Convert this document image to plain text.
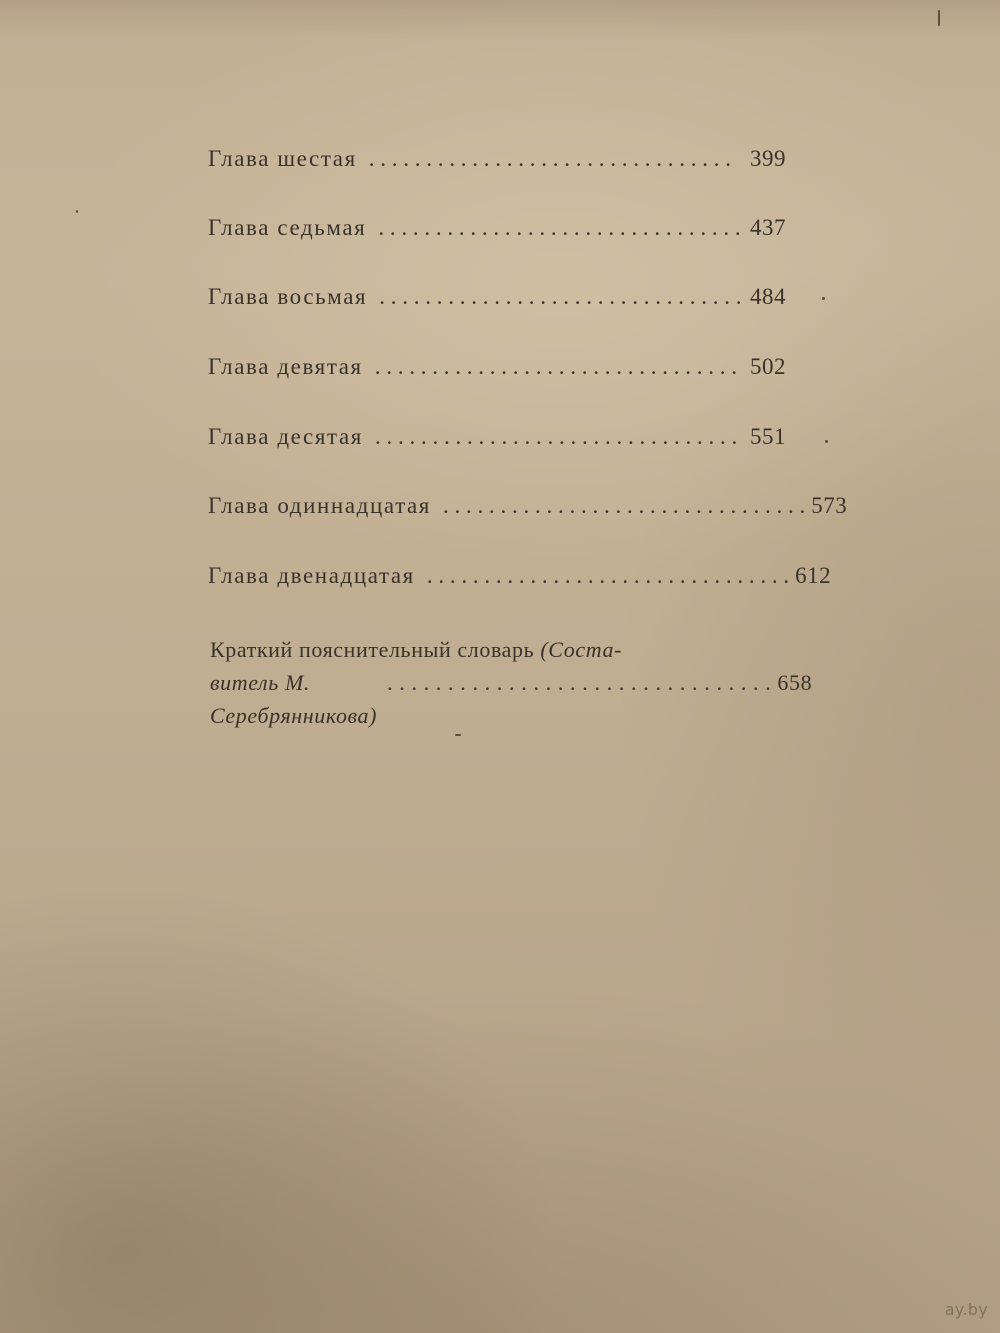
Глава шестая . . . . . . . . . . . . . . . . . . . . . . . . . . . . . . . . 399
Глава седьмая . . . . . . . . . . . . . . . . . . . . . . . . . . . . . . . . 437
Глава восьмая . . . . . . . . . . . . . . . . . . . . . . . . . . . . . . . . 484
Глава девятая . . . . . . . . . . . . . . . . . . . . . . . . . . . . . . . . 502
Глава десятая . . . . . . . . . . . . . . . . . . . . . . . . . . . . . . . . 551
Глава одиннадцатая . . . . . . . . . . . . . . . . . . . . . . . . . . . . . . . . 573
Глава двенадцатая . . . . . . . . . . . . . . . . . . . . . . . . . . . . . . . . 612
Краткий пояснительный словарь (Соста-
витель М. Серебрянникова)
. . . . . . . . . . . . . . . . . . . . . . . . . . . . . . . . 658
ay.by
